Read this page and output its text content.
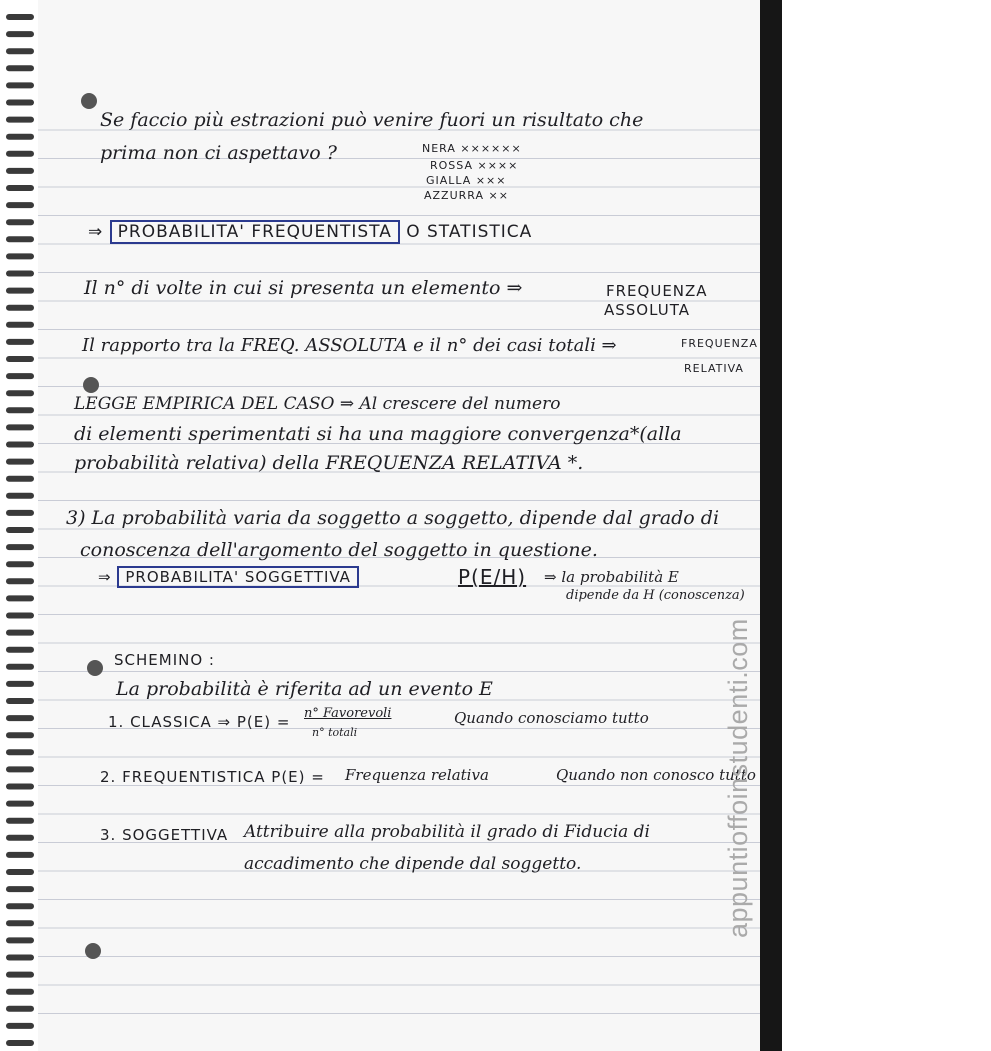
Se faccio più estrazioni può venire fuori un risultato che
prima non ci aspettavo ?	NERA ××××××
ROSSA ××××
GIALLA ×××
AZZURRA ××
⇒ PROBABILITA' FREQUENTISTA O STATISTICA
Il n° di volte in cui si presenta un elemento ⇒	FREQUENZA
ASSOLUTA
Il rapporto tra la FREQ. ASSOLUTA e il n° dei casi totali ⇒	FREQUENZA
RELATIVA
LEGGE EMPIRICA DEL CASO ⇒ Al crescere del numero
di elementi sperimentati si ha una maggiore convergenza*(alla
probabilità relativa) della FREQUENZA RELATIVA *.
3) La probabilità varia da soggetto a soggetto, dipende dal grado di
conoscenza dell'argomento del soggetto in questione.
⇒ PROBABILITA' SOGGETTIVA	P(E/H) ⇒ la probabilità E
dipende da H (conoscenza)
SCHEMINO :
La probabilità è riferita ad un evento E
1. CLASSICA ⇒ P(E) = n° Favorevoli
n° totali
Quando conosciamo tutto
2. FREQUENTISTICA P(E) = Frequenza relativa	Quando non conosco tutto
3. SOGGETTIVA Attribuire alla probabilità il grado di Fiducia di
accadimento che dipende dal soggetto.	appuntioffoinstudenti.com
